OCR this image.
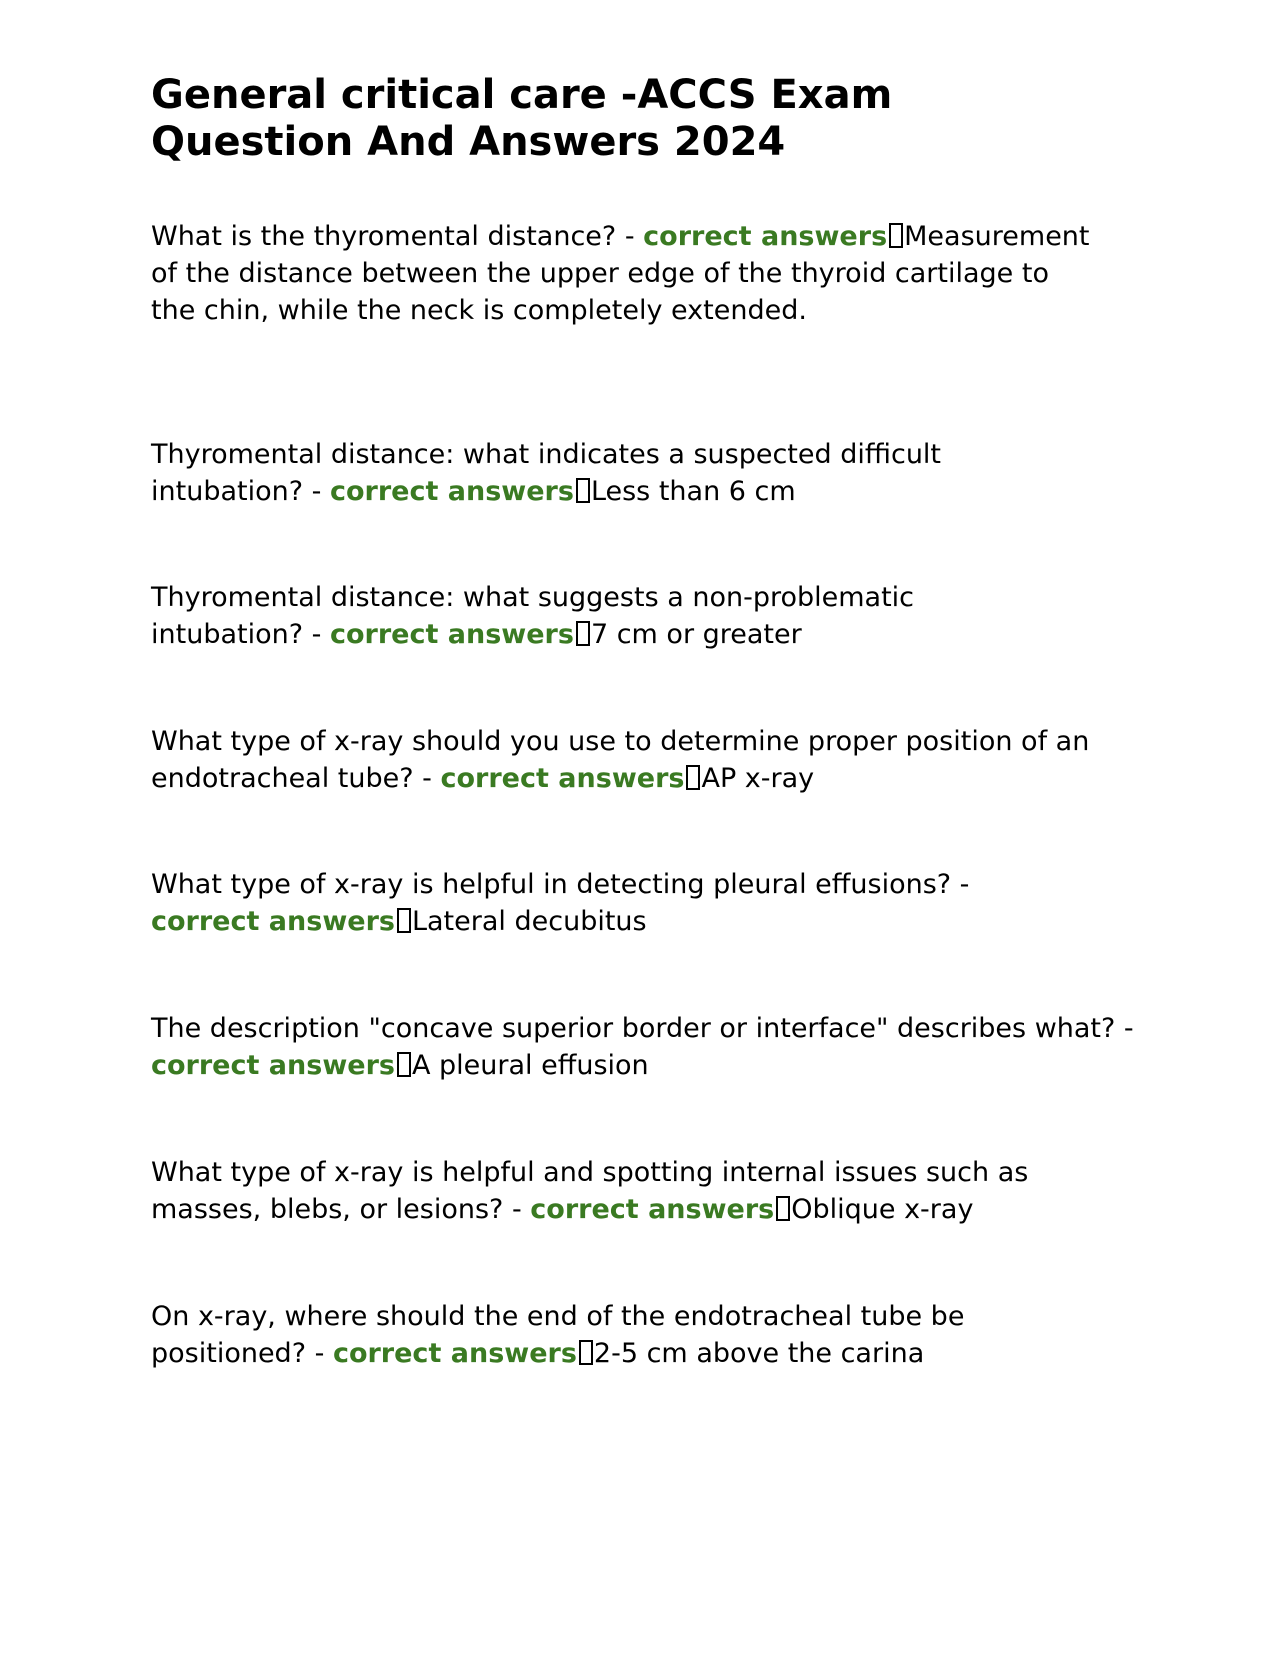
General critical care -ACCS Exam Question And Answers 2024

What is the thyromental distance? - correct answers Measurement of the distance between the upper edge of the thyroid cartilage to the chin, while the neck is completely extended.

Thyromental distance: what indicates a suspected difficult intubation? - correct answers Less than 6 cm

Thyromental distance: what suggests a non-problematic intubation? - correct answers 7 cm or greater

What type of x-ray should you use to determine proper position of an endotracheal tube? - correct answers AP x-ray

What type of x-ray is helpful in detecting pleural effusions? - correct answers Lateral decubitus

The description "concave superior border or interface" describes what? - correct answers A pleural effusion

What type of x-ray is helpful and spotting internal issues such as masses, blebs, or lesions? - correct answers Oblique x-ray

On x-ray, where should the end of the endotracheal tube be positioned? - correct answers 2-5 cm above the carina
